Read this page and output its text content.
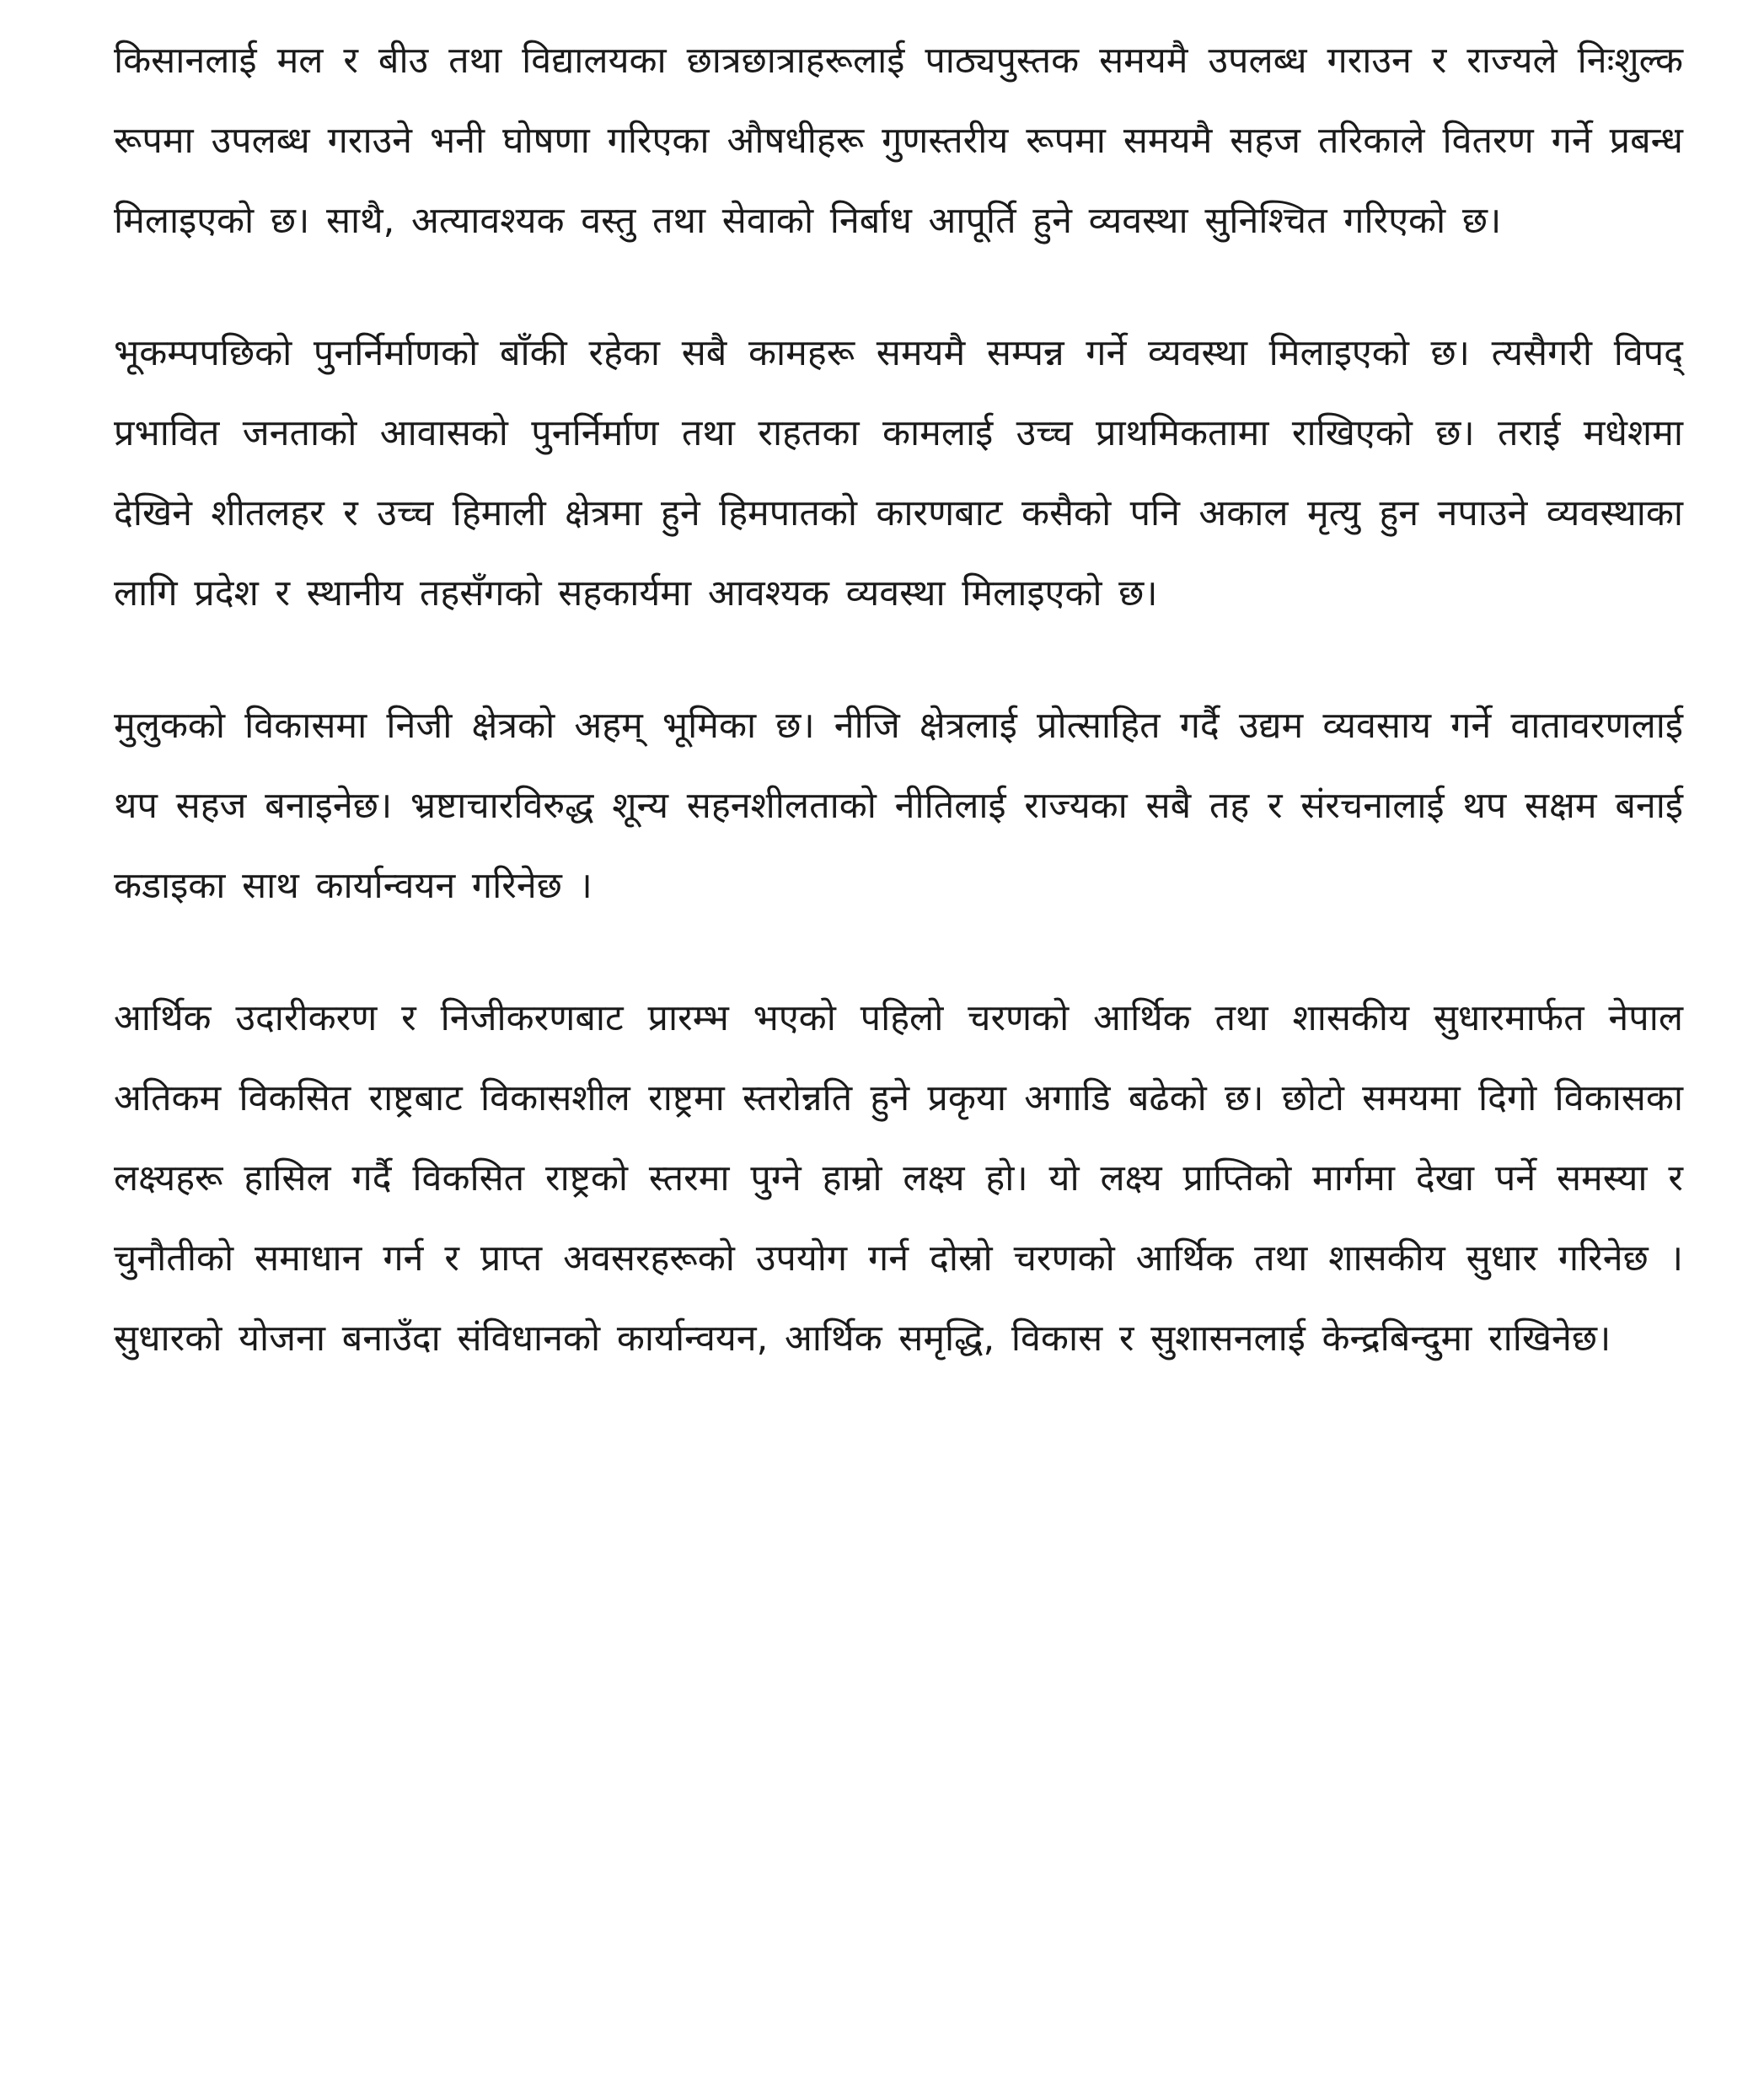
किसानलाई मल र बीउ तथा विद्यालयका छात्रछात्राहरूलाई पाठ्यपुस्तक समयमै उपलब्ध गराउन र राज्यले निःशुल्क रूपमा उपलब्ध गराउने भनी घोषणा गरिएका औषधीहरू गुणस्तरीय रूपमा समयमै सहज तरिकाले वितरण गर्ने प्रबन्ध मिलाइएको छ। साथै, अत्यावश्यक वस्तु तथा सेवाको निर्बाध आपूर्ति हुने व्यवस्था सुनिश्चित गरिएको छ।

भूकम्पपछिको पुनर्निर्माणको बाँकी रहेका सबै कामहरू समयमै सम्पन्न गर्ने व्यवस्था मिलाइएको छ। त्यसैगरी विपद् प्रभावित जनताको आवासको पुनर्निर्माण तथा राहतका कामलाई उच्च प्राथमिकतामा राखिएको छ। तराई मधेशमा देखिने शीतलहर र उच्च हिमाली क्षेत्रमा हुने हिमपातको कारणबाट कसैको पनि अकाल मृत्यु हुन नपाउने व्यवस्थाका लागि प्रदेश र स्थानीय तहसँगको सहकार्यमा आवश्यक व्यवस्था मिलाइएको छ।

मुलुकको विकासमा निजी क्षेत्रको अहम् भूमिका छ। नीजि क्षेत्रलाई प्रोत्साहित गर्दै उद्यम व्यवसाय गर्ने वातावरणलाई थप सहज बनाइनेछ। भ्रष्टाचारविरुद्ध शून्य सहनशीलताको नीतिलाई राज्यका सबै तह र संरचनालाई थप सक्षम बनाई कडाइका साथ कार्यान्वयन गरिनेछ ।

आर्थिक उदारीकरण र निजीकरणबाट प्रारम्भ भएको पहिलो चरणको आर्थिक तथा शासकीय सुधारमार्फत नेपाल अतिकम विकसित राष्ट्रबाट विकासशील राष्ट्रमा स्तरोन्नति हुने प्रकृया अगाडि बढेको छ। छोटो समयमा दिगो विकासका लक्ष्यहरू हासिल गर्दै विकसित राष्ट्रको स्तरमा पुग्ने हाम्रो लक्ष्य हो। यो लक्ष्य प्राप्तिको मार्गमा देखा पर्ने समस्या र चुनौतीको समाधान गर्न र प्राप्त अवसरहरूको उपयोग गर्न दोस्रो चरणको आर्थिक तथा शासकीय सुधार गरिनेछ । सुधारको योजना बनाउँदा संविधानको कार्यान्वयन, आर्थिक समृद्धि, विकास र सुशासनलाई केन्द्रबिन्दुमा राखिनेछ।
